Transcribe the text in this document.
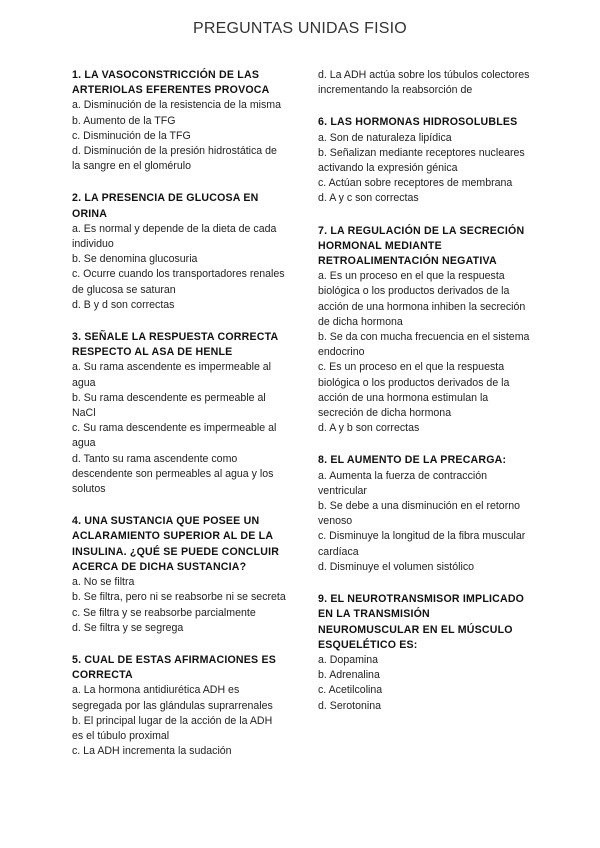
PREGUNTAS UNIDAS FISIO
1. LA VASOCONSTRICCIÓN DE LAS ARTERIOLAS EFERENTES PROVOCA
a. Disminución de la resistencia de la misma
b. Aumento de la TFG
c. Disminución de la TFG
d. Disminución de la presión hidrostática de la sangre en el glomérulo
2. LA PRESENCIA DE GLUCOSA EN ORINA
a. Es normal y depende de la dieta de cada individuo
b. Se denomina glucosuria
c. Ocurre cuando los transportadores renales de glucosa se saturan
d. B y d son correctas
3. SEÑALE LA RESPUESTA CORRECTA RESPECTO AL ASA DE HENLE
a. Su rama ascendente es impermeable al agua
b. Su rama descendente es permeable al NaCl
c. Su rama descendente es impermeable al agua
d. Tanto su rama ascendente como descendente son permeables al agua y los solutos
4. UNA SUSTANCIA QUE POSEE UN ACLARAMIENTO SUPERIOR AL DE LA INSULINA. ¿QUÉ SE PUEDE CONCLUIR ACERCA DE DICHA SUSTANCIA?
a. No se filtra
b. Se filtra, pero ni se reabsorbe ni se secreta
c. Se filtra y se reabsorbe parcialmente
d. Se filtra y se segrega
5. CUAL DE ESTAS AFIRMACIONES ES CORRECTA
a. La hormona antidiurética ADH es segregada por las glándulas suprarrenales
b. El principal lugar de la acción de la ADH es el túbulo proximal
c. La ADH incrementa la sudación
d. La ADH actúa sobre los túbulos colectores incrementando la reabsorción de
6. LAS HORMONAS HIDROSOLUBLES
a. Son de naturaleza lipídica
b. Señalizan mediante receptores nucleares activando la expresión génica
c. Actúan sobre receptores de membrana
d. A y c son correctas
7. LA REGULACIÓN DE LA SECRECIÓN HORMONAL MEDIANTE RETROALIMENTACIÓN NEGATIVA
a. Es un proceso en el que la respuesta biológica o los productos derivados de la acción de una hormona inhiben la secreción de dicha hormona
b. Se da con mucha frecuencia en el sistema endocrino
c. Es un proceso en el que la respuesta biológica o los productos derivados de la acción de una hormona estimulan la secreción de dicha hormona
d. A y b son correctas
8. EL AUMENTO DE LA PRECARGA:
a. Aumenta la fuerza de contracción ventricular
b. Se debe a una disminución en el retorno venoso
c. Disminuye la longitud de la fibra muscular cardíaca
d. Disminuye el volumen sistólico
9. EL NEUROTRANSMISOR IMPLICADO EN LA TRANSMISIÓN NEUROMUSCULAR EN EL MÚSCULO ESQUELÉTICO ES:
a. Dopamina
b. Adrenalina
c. Acetilcolina
d. Serotonina
